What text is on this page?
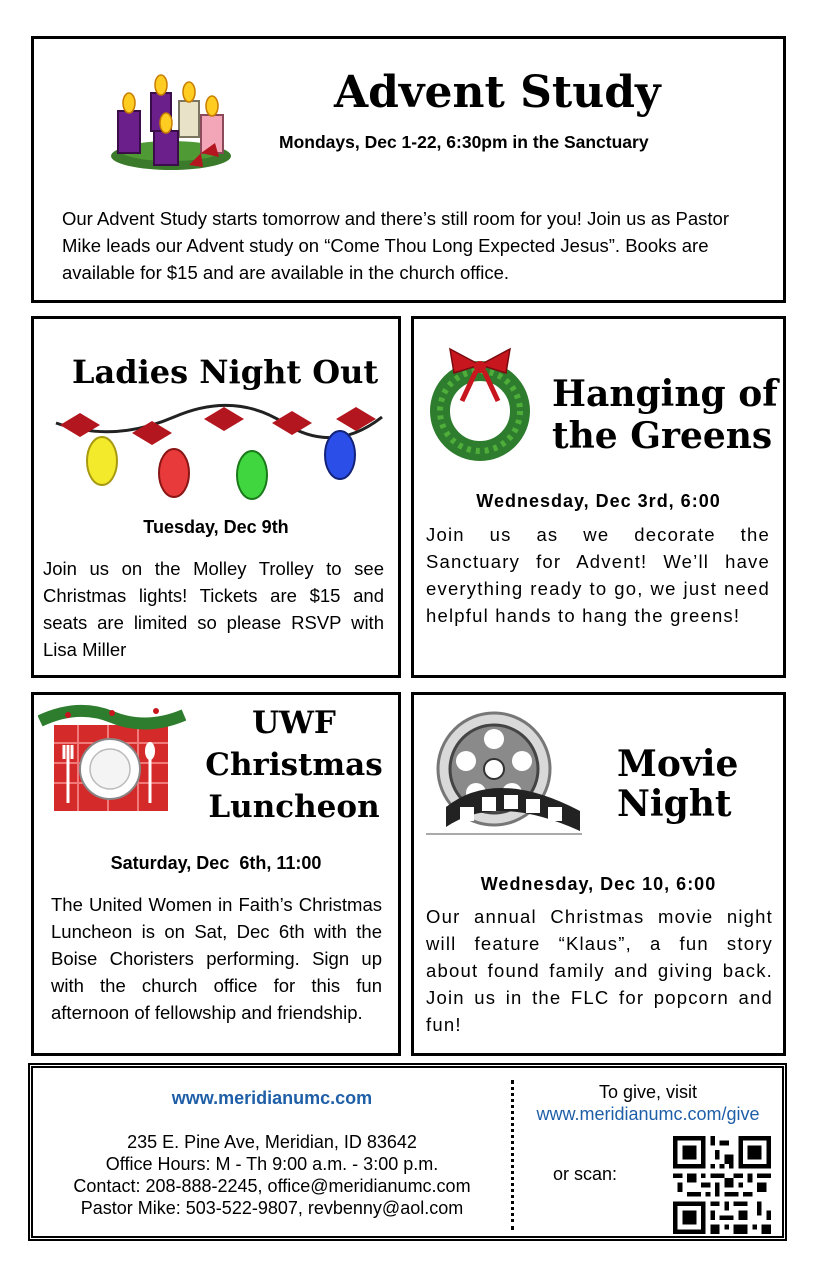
Advent Study
Mondays, Dec 1-22, 6:30pm in the Sanctuary
Our Advent Study starts tomorrow and there’s still room for you! Join us as Pastor Mike leads our Advent study on “Come Thou Long Expected Jesus”. Books are available for $15 and are available in the church office.
Ladies Night Out
Tuesday, Dec 9th
Join us on the Molley Trolley to see Christmas lights! Tickets are $15 and seats are limited so please RSVP with Lisa Miller
Hanging of
the Greens
Wednesday, Dec 3rd, 6:00
Join us as we decorate the Sanctuary for Advent! We’ll have everything ready to go, we just need helpful hands to hang the greens!
UWF
Christmas
Luncheon
Saturday, Dec  6th, 11:00
The United Women in Faith’s Christmas Luncheon is on Sat, Dec 6th with the Boise Choristers performing. Sign up with the church office for this fun afternoon of fellowship and friendship.
Movie
Night
Wednesday, Dec 10, 6:00
Our annual Christmas movie night will feature “Klaus”, a fun story about found family and giving back. Join us in the FLC for popcorn and fun!
www.meridianumc.com
235 E. Pine Ave, Meridian, ID 83642
Office Hours: M - Th 9:00 a.m. - 3:00 p.m.
Contact: 208-888-2245, office@meridianumc.com
Pastor Mike: 503-522-9807, revbenny@aol.com
To give, visit
www.meridianumc.com/give
or scan:
